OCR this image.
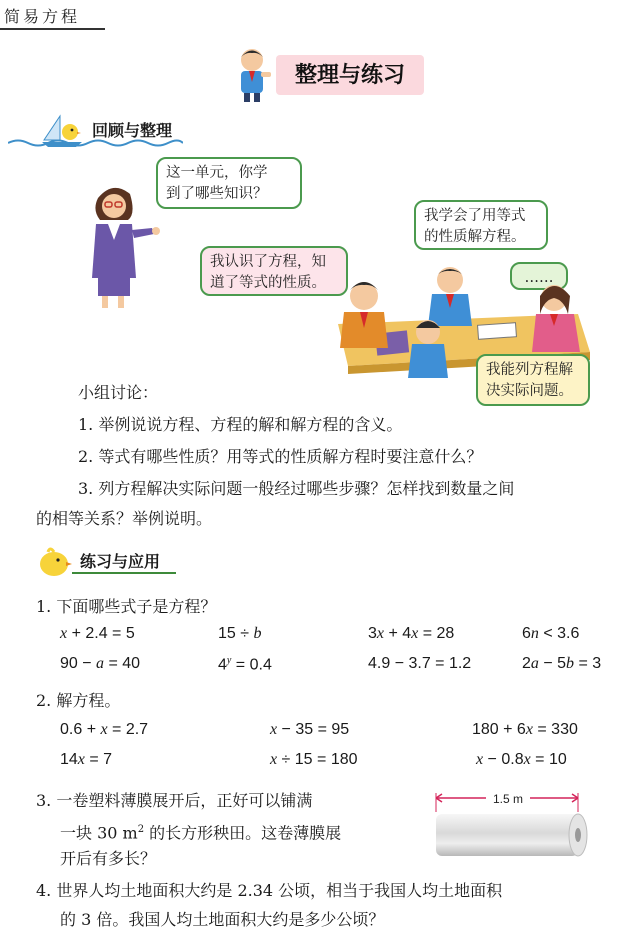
简易方程
整理与练习
回顾与整理
这一单元，你学
到了哪些知识？
我学会了用等式
的性质解方程。
我认识了方程，知
道了等式的性质。	……
我能列方程解
决实际问题。
小组讨论：
1. 举例说说方程、方程的解和解方程的含义。
2. 等式有哪些性质？用等式的性质解方程时要注意什么？
3. 列方程解决实际问题一般经过哪些步骤？怎样找到数量之间
的相等关系？举例说明。
练习与应用
1. 下面哪些式子是方程？
x + 2.4 = 5	15 ÷ b	3x + 4x = 28	6n < 3.6
90 − a = 40	$4^y = 0.4$	4.9 − 3.7 = 1.2	2a − 5b = 3
2. 解方程。
0.6 + x = 2.7	x − 35 = 95	180 + 6x = 330
14x = 7	x ÷ 15 = 180	x − 0.8x = 10
3. 一卷塑料薄膜展开后，正好可以铺满
一块 30 $m^2$ 的长方形秧田。这卷薄膜展
开后有多长？
1.5 m
4. 世界人均土地面积大约是 2.34 公顷，相当于我国人均土地面积
的 3 倍。我国人均土地面积大约是多少公顷？
